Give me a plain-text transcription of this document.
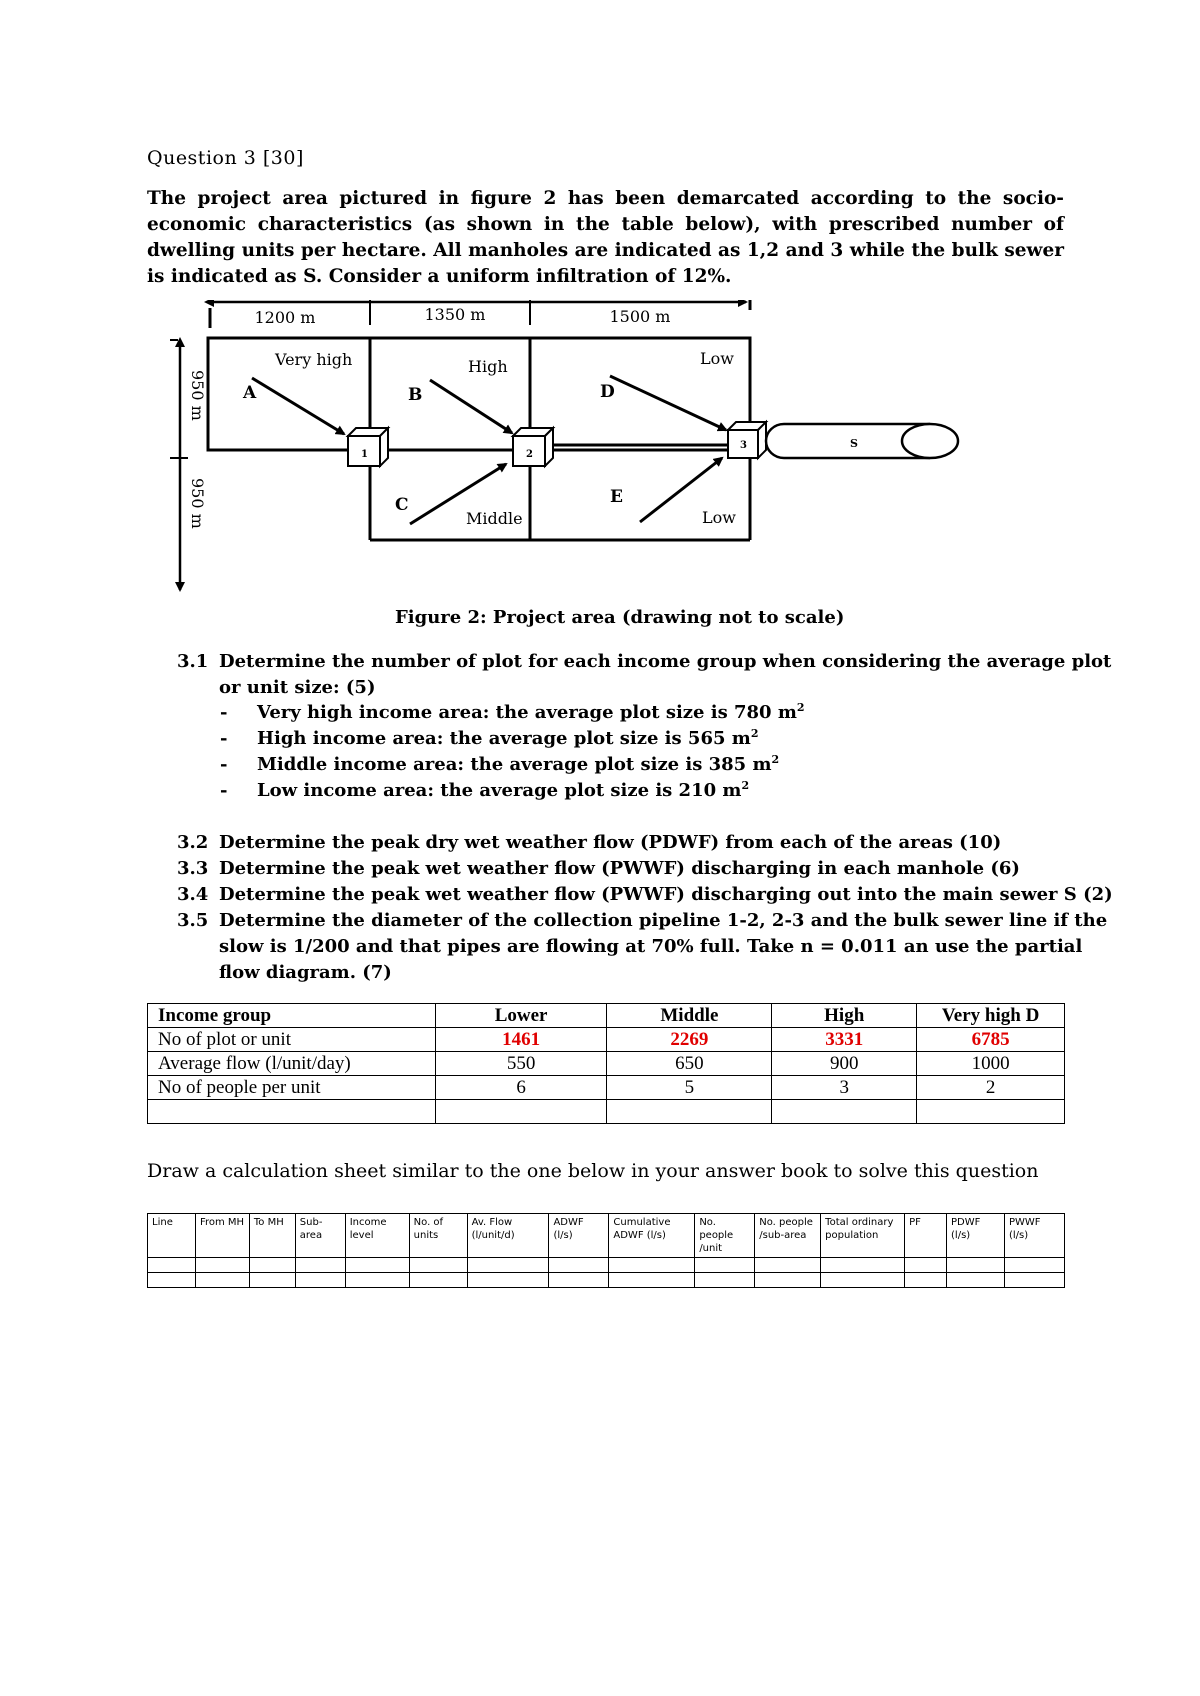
Question 3 [30]
The project area pictured in figure 2 has been demarcated according to the socio-economic characteristics (as shown in the table below), with prescribed number of dwelling units per hectare. All manholes are indicated as 1,2 and 3 while the bulk sewer is indicated as S. Consider a uniform infiltration of 12%.
1200 m	1350 m	1500 m
950 m
950 m
Very high
A
High
B
Low
D
C
Middle
E
Low
1	2
3	S
Figure 2: Project area (drawing not to scale)
3.1 Determine the number of plot for each income group when considering the average plot
or unit size: (5)
- Very high income area: the average plot size is 780 $m^2$
- High income area: the average plot size is 565 $m^2$
- Middle income area: the average plot size is 385 $m^2$
- Low income area: the average plot size is 210 $m^2$
3.2 Determine the peak dry wet weather flow (PDWF) from each of the areas (10)
3.3 Determine the peak wet weather flow (PWWF) discharging in each manhole (6)
3.4 Determine the peak wet weather flow (PWWF) discharging out into the main sewer S (2)
3.5 Determine the diameter of the collection pipeline 1-2, 2-3 and the bulk sewer line if the
slow is 1/200 and that pipes are flowing at 70% full. Take n = 0.011 an use the partial
flow diagram. (7)
Income group	Lower	Middle	High	Very high D
No of plot or unit	1461	2269	3331	6785
Average flow (l/unit/day)	550	650	900	1000
No of people per unit	6	5	3	2

Draw a calculation sheet similar to the one below in your answer book to solve this question
Line	From MH	To MH	Sub-area	Income level	No. of units	Av. Flow (l/unit/d)	ADWF (l/s)	Cumulative ADWF (l/s)	No. people /unit	No. people /sub-area	Total ordinary population	PF	PDWF (l/s)	PWWF (l/s)
